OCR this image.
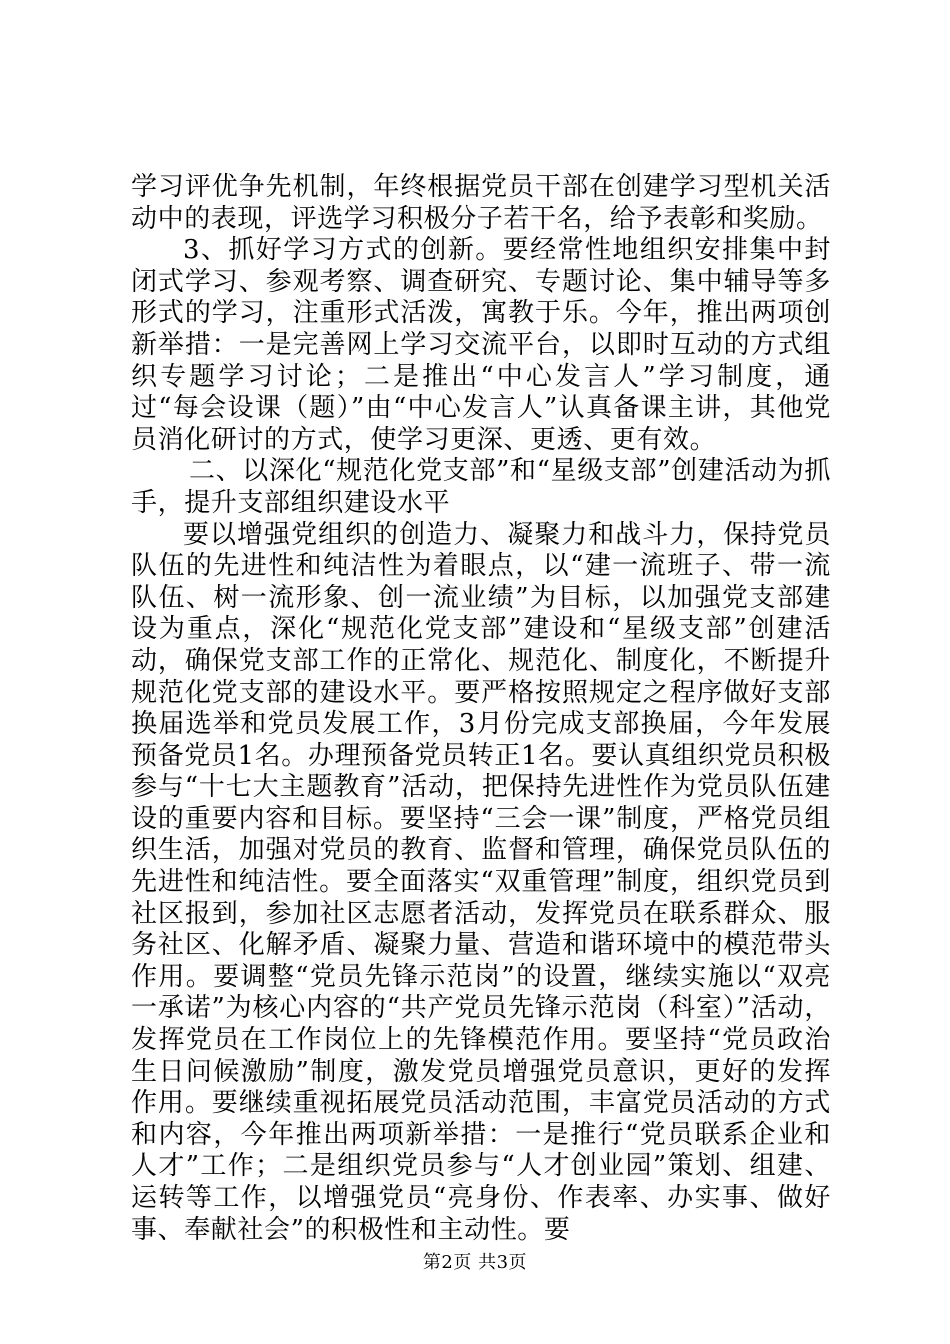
学习评优争先机制，年终根据党员干部在创建学习型机关活动中的表现，评选学习积极分子若干名，给予表彰和奖励。

3、抓好学习方式的创新。要经常性地组织安排集中封闭式学习、参观考察、调查研究、专题讨论、集中辅导等多形式的学习，注重形式活泼，寓教于乐。今年，推出两项创新举措：一是完善网上学习交流平台，以即时互动的方式组织专题学习讨论；二是推出“中心发言人”学习制度，通过“每会设课（题）”由“中心发言人”认真备课主讲，其他党员消化研讨的方式，使学习更深、更透、更有效。

二、以深化“规范化党支部”和“星级支部”创建活动为抓手，提升支部组织建设水平

要以增强党组织的创造力、凝聚力和战斗力，保持党员队伍的先进性和纯洁性为着眼点，以“建一流班子、带一流队伍、树一流形象、创一流业绩”为目标，以加强党支部建设为重点，深化“规范化党支部”建设和“星级支部”创建活动，确保党支部工作的正常化、规范化、制度化，不断提升规范化党支部的建设水平。要严格按照规定之程序做好支部换届选举和党员发展工作，3月份完成支部换届，今年发展预备党员1名。办理预备党员转正1名。要认真组织党员积极参与“十七大主题教育”活动，把保持先进性作为党员队伍建设的重要内容和目标。要坚持“三会一课”制度，严格党员组织生活，加强对党员的教育、监督和管理，确保党员队伍的先进性和纯洁性。要全面落实“双重管理”制度，组织党员到社区报到，参加社区志愿者活动，发挥党员在联系群众、服务社区、化解矛盾、凝聚力量、营造和谐环境中的模范带头作用。要调整“党员先锋示范岗”的设置，继续实施以“双亮一承诺”为核心内容的“共产党员先锋示范岗（科室）”活动，发挥党员在工作岗位上的先锋模范作用。要坚持“党员政治生日问候激励”制度，激发党员增强党员意识，更好的发挥作用。要继续重视拓展党员活动范围，丰富党员活动的方式和内容，今年推出两项新举措：一是推行“党员联系企业和人才”工作；二是组织党员参与“人才创业园”策划、组建、运转等工作，以增强党员“亮身份、作表率、办实事、做好事、奉献社会”的积极性和主动性。要

第2页 共3页
